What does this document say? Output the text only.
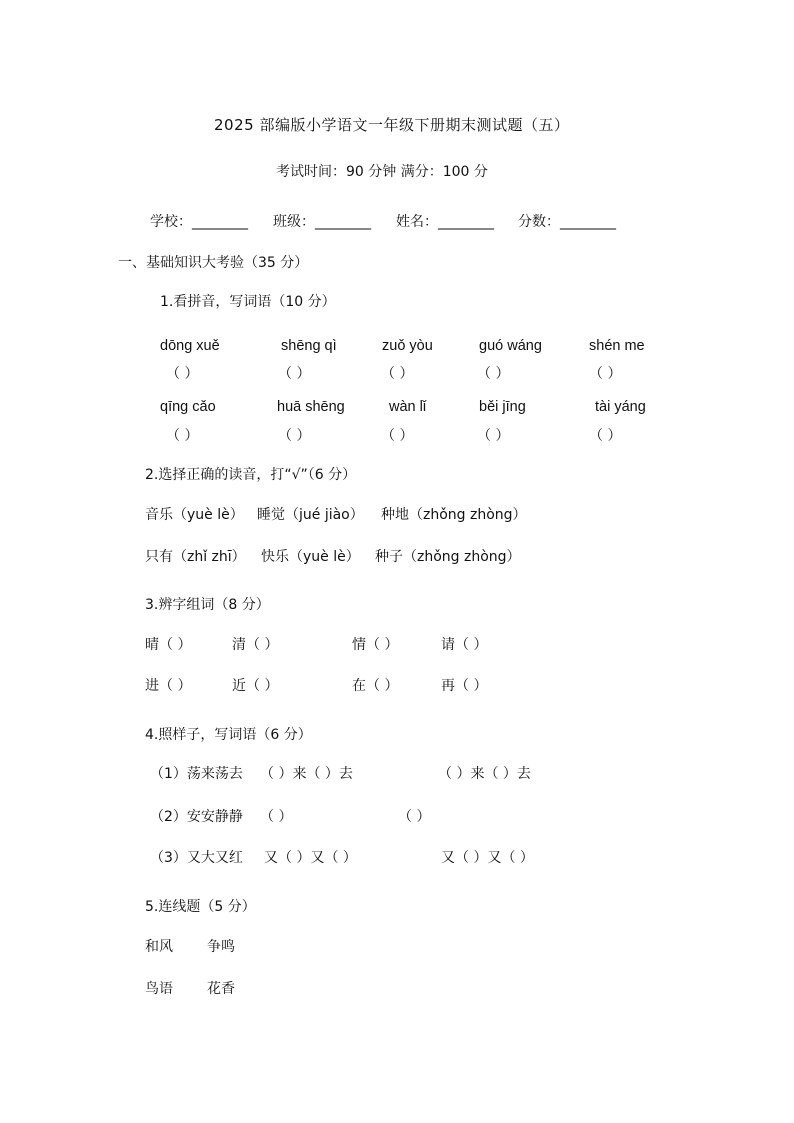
2025 部编版小学语文一年级下册期末测试题（五）
考试时间：90 分钟 满分：100 分
学校：________ 班级：________ 姓名：________ 分数：________
一、基础知识大考验（35 分）
1.看拼音，写词语（10 分）
dōng xuě	shēng qì	zuǒ yòu	guó wáng	shén me
（ ）	（ ）	（ ）	（ ）	（ ）
qīng cǎo	huā shēng	wàn lǐ	běi jīng	tài yáng
（ ）	（ ）	（ ）	（ ）	（ ）
2.选择正确的读音，打“√”（6 分）
音乐（yuè lè） 睡觉（jué jiào） 种地（zhǒng zhòng）
只有（zhǐ zhī） 快乐（yuè lè） 种子（zhǒng zhòng）
3.辨字组词（8 分）
晴（ ）	清（ ）	情（ ）	请（ ）
进（ ）	近（ ）	在（ ）	再（ ）
4.照样子，写词语（6 分）
（1）荡来荡去 （ ）来（ ）去	（ ）来（ ）去
（2）安安静静 （ ）	（ ）
（3）又大又红 又（ ）又（ ）	又（ ）又（ ）
5.连线题（5 分）
和风 争鸣
鸟语 花香
